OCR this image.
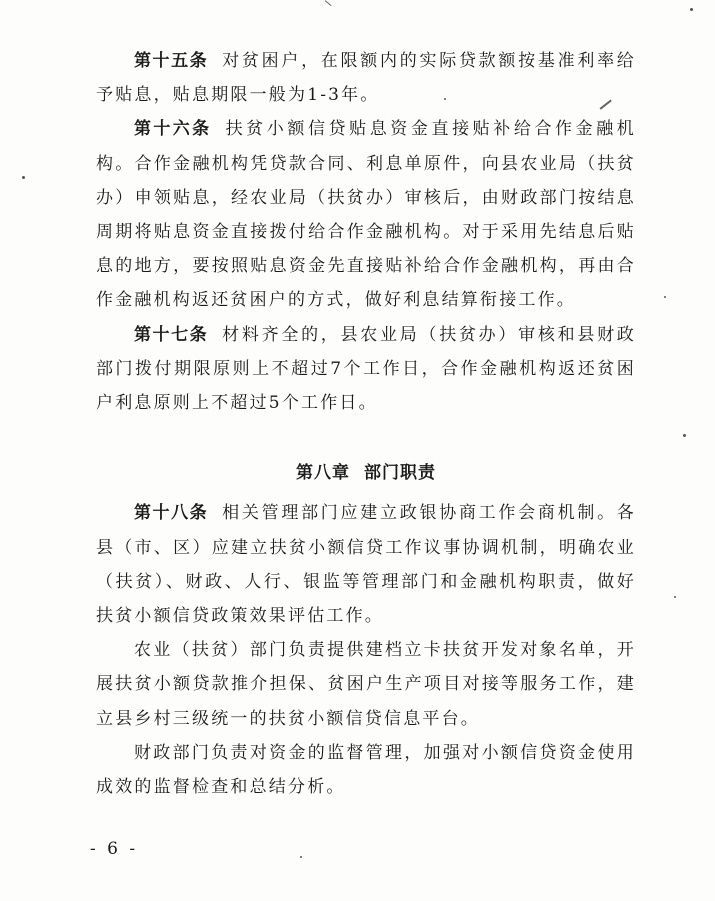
第十五条 对贫困户，在限额内的实际贷款额按基准利率给予贴息，贴息期限一般为1-3年。

第十六条 扶贫小额信贷贴息资金直接贴补给合作金融机构。合作金融机构凭贷款合同、利息单原件，向县农业局（扶贫办）申领贴息，经农业局（扶贫办）审核后，由财政部门按结息周期将贴息资金直接拨付给合作金融机构。对于采用先结息后贴息的地方，要按照贴息资金先直接贴补给合作金融机构，再由合作金融机构返还贫困户的方式，做好利息结算衔接工作。

第十七条 材料齐全的，县农业局（扶贫办）审核和县财政部门拨付期限原则上不超过7个工作日，合作金融机构返还贫困户利息原则上不超过5个工作日。

第八章 部门职责

第十八条 相关管理部门应建立政银协商工作会商机制。各县（市、区）应建立扶贫小额信贷工作议事协调机制，明确农业（扶贫）、财政、人行、银监等管理部门和金融机构职责，做好扶贫小额信贷政策效果评估工作。

农业（扶贫）部门负责提供建档立卡扶贫开发对象名单，开展扶贫小额贷款推介担保、贫困户生产项目对接等服务工作，建立县乡村三级统一的扶贫小额信贷信息平台。

财政部门负责对资金的监督管理，加强对小额信贷资金使用成效的监督检查和总结分析。

- 6 -
